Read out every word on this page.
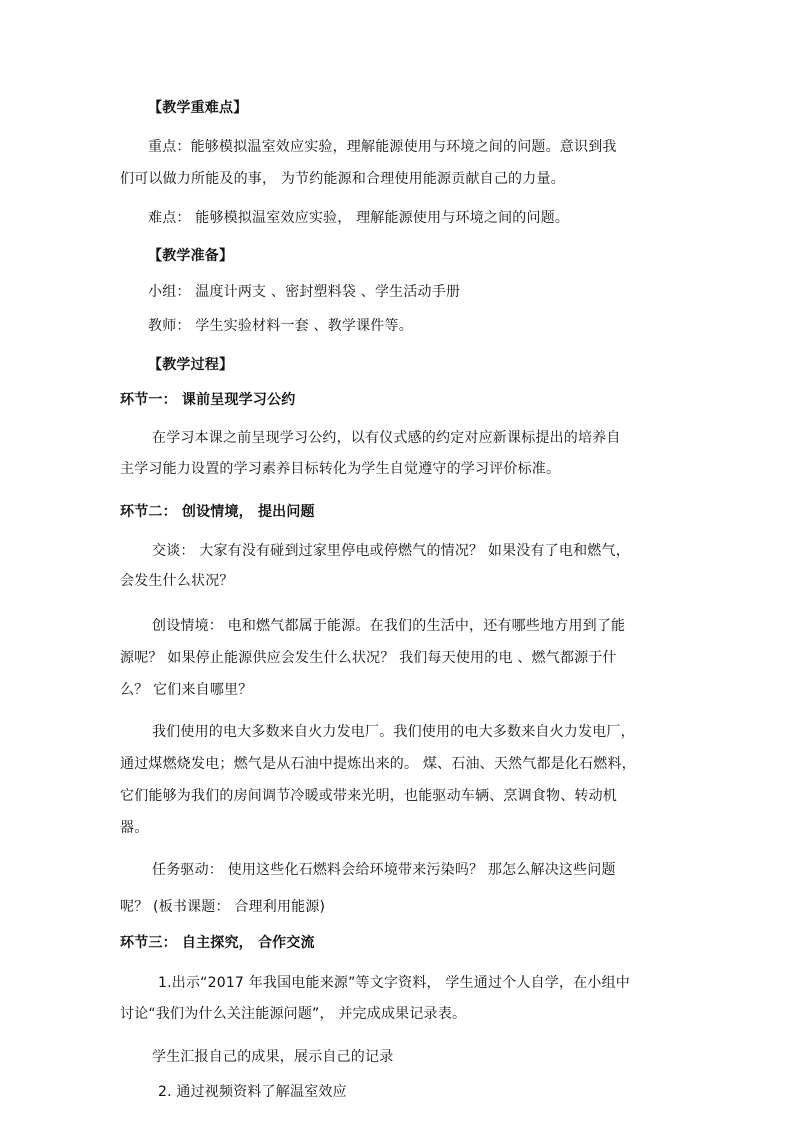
【教学重难点】
重点：能够模拟温室效应实验，理解能源使用与环境之间的问题。意识到我
们可以做力所能及的事， 为节约能源和合理使用能源贡献自己的力量。
难点： 能够模拟温室效应实验， 理解能源使用与环境之间的问题。
【教学准备】
小组： 温度计两支 、密封塑料袋 、学生活动手册
教师： 学生实验材料一套 、教学课件等。
【教学过程】
环节一： 课前呈现学习公约
在学习本课之前呈现学习公约，以有仪式感的约定对应新课标提出的培养自
主学习能力设置的学习素养目标转化为学生自觉遵守的学习评价标准。
环节二： 创设情境， 提出问题
交谈： 大家有没有碰到过家里停电或停燃气的情况？ 如果没有了电和燃气，
会发生什么状况？
创设情境： 电和燃气都属于能源。在我们的生活中，还有哪些地方用到了能
源呢？ 如果停止能源供应会发生什么状况？ 我们每天使用的电 、燃气都源于什
么？ 它们来自哪里？
我们使用的电大多数来自火力发电厂。我们使用的电大多数来自火力发电厂，
通过煤燃烧发电；燃气是从石油中提炼出来的。 煤、石油、天然气都是化石燃料，
它们能够为我们的房间调节冷暖或带来光明，也能驱动车辆、烹调食物、转动机
器。
任务驱动： 使用这些化石燃料会给环境带来污染吗？ 那怎么解决这些问题
呢？ (板书课题： 合理利用能源)
环节三： 自主探究， 合作交流
1.出示“2017 年我国电能来源”等文字资料， 学生通过个人自学，在小组中
讨论“我们为什么关注能源问题”， 并完成成果记录表。
学生汇报自己的成果，展示自己的记录
2. 通过视频资料了解温室效应
